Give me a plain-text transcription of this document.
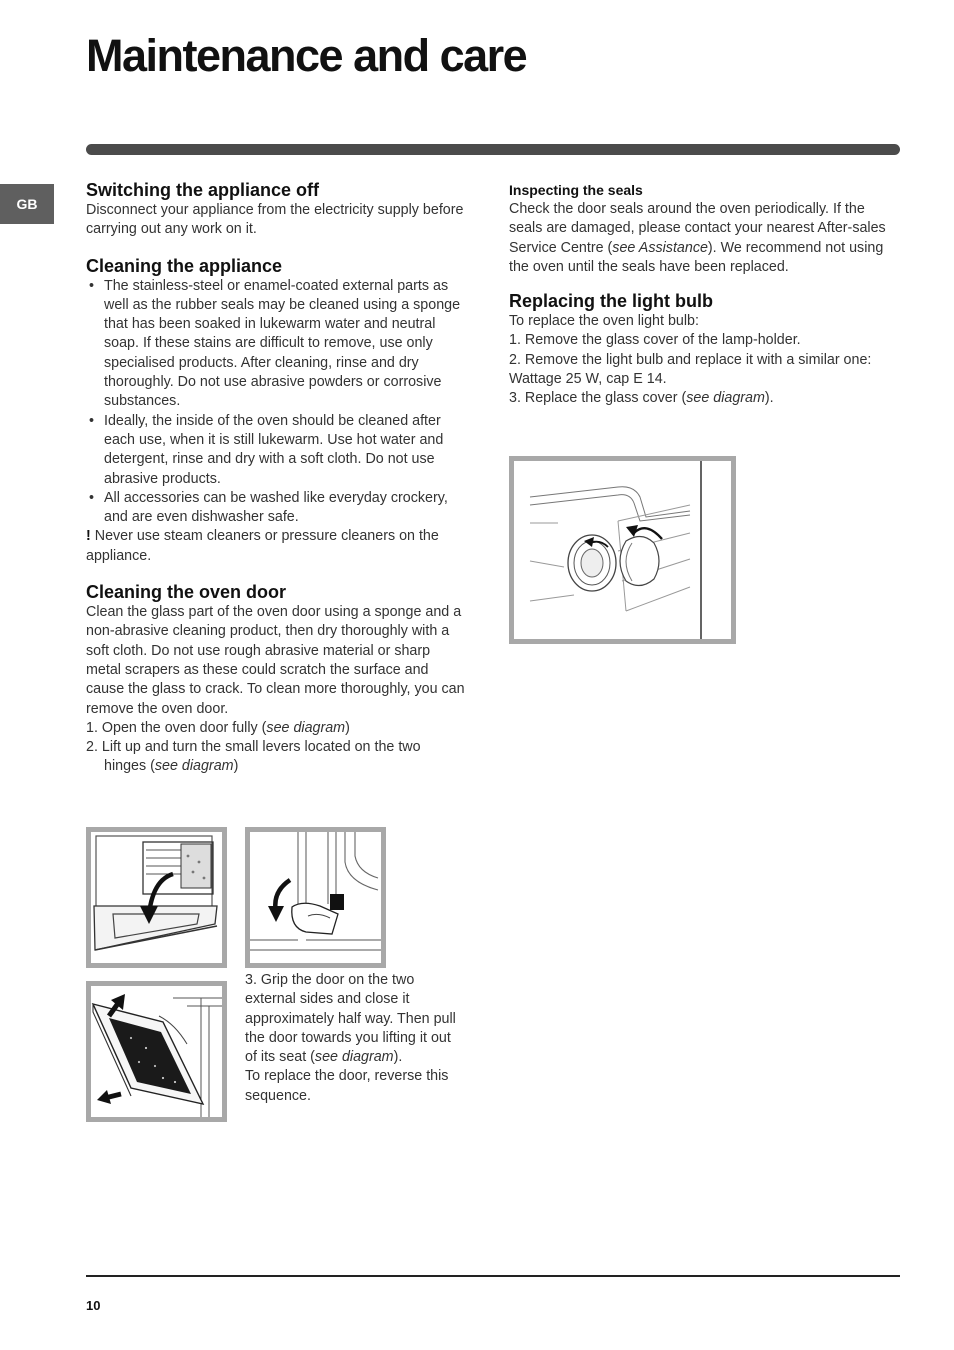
Maintenance and care
GB
Switching the appliance off

Disconnect your appliance from the electricity supply before carrying out any work on it.

Cleaning the appliance
• The stainless-steel or enamel-coated external parts as well as the rubber seals may be cleaned using a sponge that has been soaked in lukewarm water and neutral soap. If these stains are difficult to remove, use only specialised products. After cleaning, rinse and dry thoroughly. Do not use abrasive powders or corrosive substances.
• Ideally, the inside of the oven should be cleaned after each use, when it is still lukewarm. Use hot water and detergent, rinse and dry with a soft cloth. Do not use abrasive products.
• All accessories can be washed like everyday crockery, and are even dishwasher safe.

! Never use steam cleaners or pressure cleaners on the appliance.

Cleaning the oven door

Clean the glass part of the oven door using a sponge and a non-abrasive cleaning product, then dry thoroughly with a soft cloth. Do not use rough abrasive material or sharp metal scrapers as these could scratch the surface and cause the glass to crack. To clean more thoroughly, you can remove the oven door.

1. Open the oven door fully (see diagram)
2. Lift up and turn the small levers located on the two hinges (see diagram)

3. Grip the door on the two external sides and close it approximately half way. Then pull the door towards you lifting it out of its seat (see diagram).

To replace the door, reverse this sequence.

Inspecting the seals

Check the door seals around the oven periodically. If the seals are damaged, please contact your nearest After-sales Service Centre (see Assistance). We recommend not using the oven until the seals have been replaced.

Replacing the light bulb

To replace the oven light bulb:

1. Remove the glass cover of the lamp-holder.

2. Remove the light bulb and replace it with a similar one: Wattage 25 W, cap E 14.

3. Replace the glass cover (see diagram).

10
